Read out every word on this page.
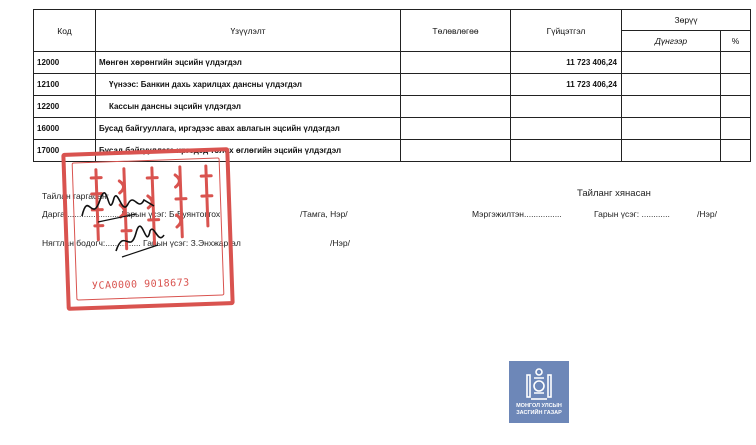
Код	Үзүүлэлт	Төлөвлөгөө	Гүйцэтгэл	Зөрүү	
				Дүнгээр	%
12000	Мөнгөн хөрөнгийн эцсийн үлдэгдэл		11 723 406,24		
12100	Үүнээс: Банкин дахь харилцах дансны үлдэгдэл		11 723 406,24		
12200	Кассын дансны эцсийн үлдэгдэл				
16000	Бусад байгууллага, иргэдээс авах авлагын эцсийн үлдэгдэл				
17000	Бусад байгууллага иргэдэд төлөх өглөгийн эцсийн үлдэгдэл				
Тайлан гаргасан:
Дарга:...................... Гарын үсэг: Б.Буянтогтох	/Тамга, Нэр/
Нягтлан бодогч:............... Гарын үсэг: З.Энхжаргал	/Нэр/
Тайланг хянасан
Мэргэжилтэн................	Гарын үсэг: ............	/Нэр/
УСА0000 9018673
МОНГОЛ УЛСЫН
ЗАСГИЙН ГАЗАР
